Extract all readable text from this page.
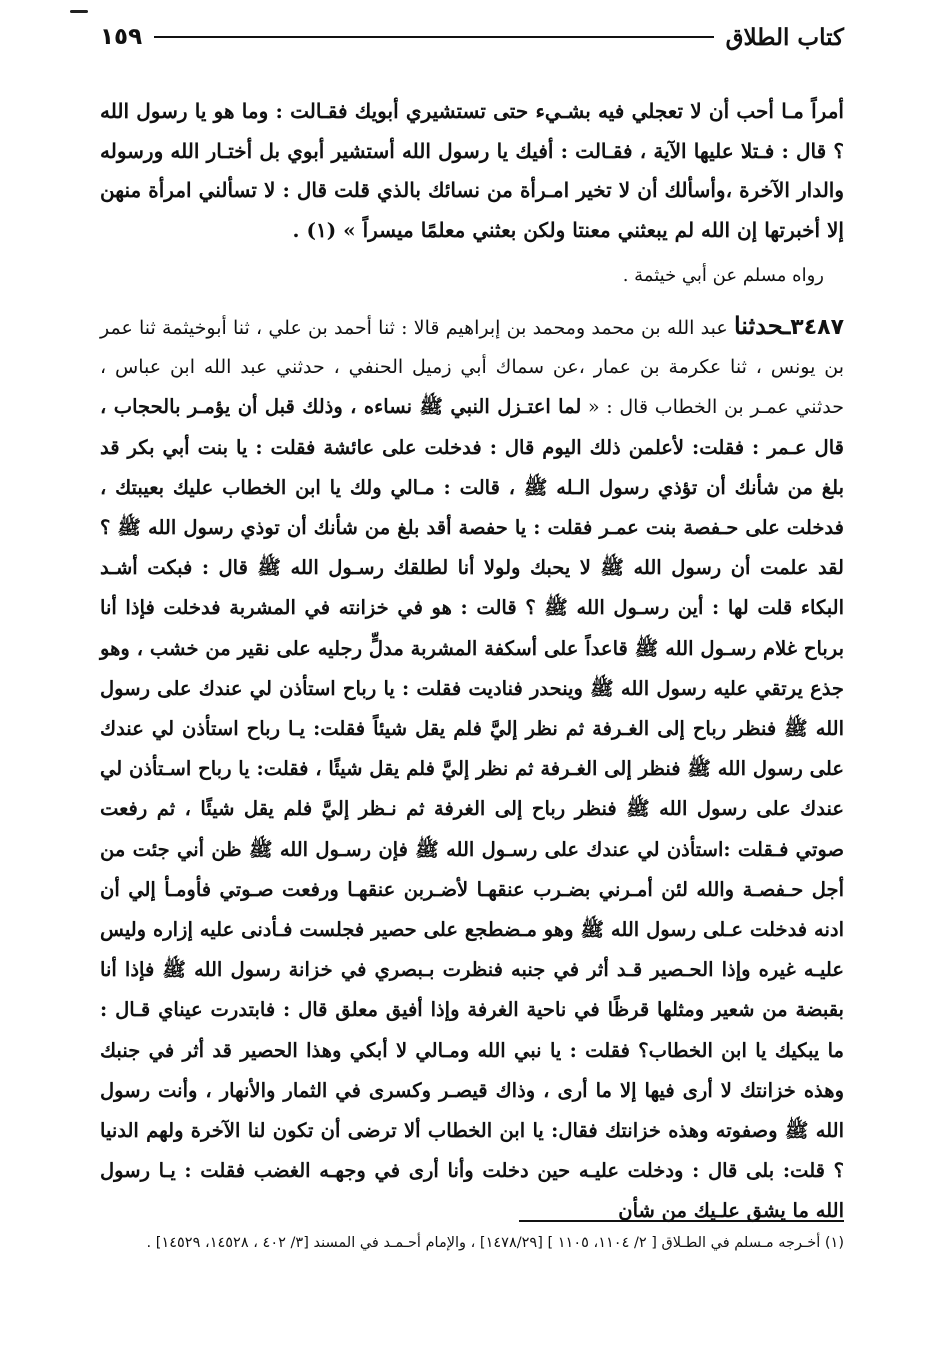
كتاب الطلاق
١٥٩

أمراً مـا أحب أن لا تعجلي فيه بشـيء حتى تستشيري أبويك فقـالت : وما هو يا رسول الله ؟ قال : فـتلا عليها الآية ، فقـالت : أفيك يا رسول الله أستشير أبوي بل أختـار الله ورسوله والدار الآخرة ،وأسألك أن لا تخير امـرأة من نسائك بالذي قلت قال : لا تسألني امرأة منهن إلا أخبرتها إن الله لم يبعثني معنتا ولكن بعثني معلمًا ميسراً » (١) .

رواه مسلم عن أبي خيثمة .

٣٤٨٧ـحدثنا عبد الله بن محمد ومحمد بن إبراهيم قالا : ثنا أحمد بن علي ، ثنا أبوخيثمة ثنا عمر بن يونس ، ثنا عكرمة بن عمار ،عن سماك أبي زميل الحنفي ، حدثني عبد الله ابن عباس ، حدثني عمـر بن الخطاب قال : « لما اعتـزل النبي ﷺ نساءه ، وذلك قبل أن يؤمـر بالحجاب ، قال عـمر : فقلت: لأعلمن ذلك اليوم قال : فدخلت على عائشة فقلت : يا بنت أبي بكر قد بلغ من شأنك أن تؤذي رسول الـله ﷺ ، قالت : مـالي ولك يا ابن الخطاب عليك بعيبتك ، فدخلت على حـفصة بنت عمـر فقلت : يا حفصة أقد بلغ من شأنك أن توذي رسول الله ﷺ ؟ لقد علمت أن رسول الله ﷺ لا يحبك ولولا أنا لطلقك رسـول الله ﷺ قال : فبكت أشـد البكاء قلت لها : أين رسـول الله ﷺ ؟ قالت : هو في خزانته في المشربة فدخلت فإذا أنا برباح غلام رسـول الله ﷺ قاعداً على أسكفة المشربة مدلٍّ رجليه على نقير من خشب ، وهو جذع يرتقي عليه رسول الله ﷺ وينحدر فناديت فقلت : يا رباح استأذن لي عندك على رسول الله ﷺ فنظر رباح إلى الغـرفة ثم نظر إليَّ فلم يقل شيئاً فقلت: يـا رباح استأذن لي عندك على رسول الله ﷺ فنظر إلى الغـرفة ثم نظر إليَّ فلم يقل شيئًا ، فقلت: يا رباح اسـتأذن لي عندك على رسول الله ﷺ فنظر رباح إلى الغرفة ثم نـظر إليَّ فلم يقل شيئًا ، ثم رفعت صوتي فـقلت :استأذن لي عندك على رسـول الله ﷺ فإن رسـول الله ﷺ ظن أني جئت من أجل حـفصـة والله لئن أمـرني بضـرب عنقهـا لأضـربن عنقهـا ورفعت صـوتي فأومـأ إلي أن ادنه فدخلت عـلى رسول الله ﷺ وهو مـضطجع على حصير فجلست فـأدنى عليه إزاره وليس عليـه غيره وإذا الحـصير قـد أثر في جنبه فنظرت بـبصري في خزانة رسول الله ﷺ فإذا أنا بقبضة من شعير ومثلها قرظًا في ناحية الغرفة وإذا أفيق معلق قال : فابتدرت عيناي قـال : ما يبكيك يا ابن الخطاب؟ فقلت : يا نبي الله ومـالي لا أبكي وهذا الحصير قد أثر في جنبك وهذه خزانتك لا أرى فيها إلا ما أرى ، وذاك قيصـر وكسرى في الثمار والأنهار ، وأنت رسول الله ﷺ وصفوته وهذه خزانتك فقال: يا ابن الخطاب ألا ترضى أن تكون لنا الآخرة ولهم الدنيا ؟ قلت: بلى قال : ودخلت عليـه حين دخلت وأنا أرى في وجهـه الغضب فقلت : يـا رسول الله ما يشق علـيك من شأن

(١) أخـرجه مـسلم في الطـلاق [ ٢/ ١١٠٤، ١١٠٥ ] [١٤٧٨/٢٩] ، والإمام أحـمـد في المسند [٣/ ٤٠٢ ، ١٤٥٢٨، ١٤٥٢٩] .
